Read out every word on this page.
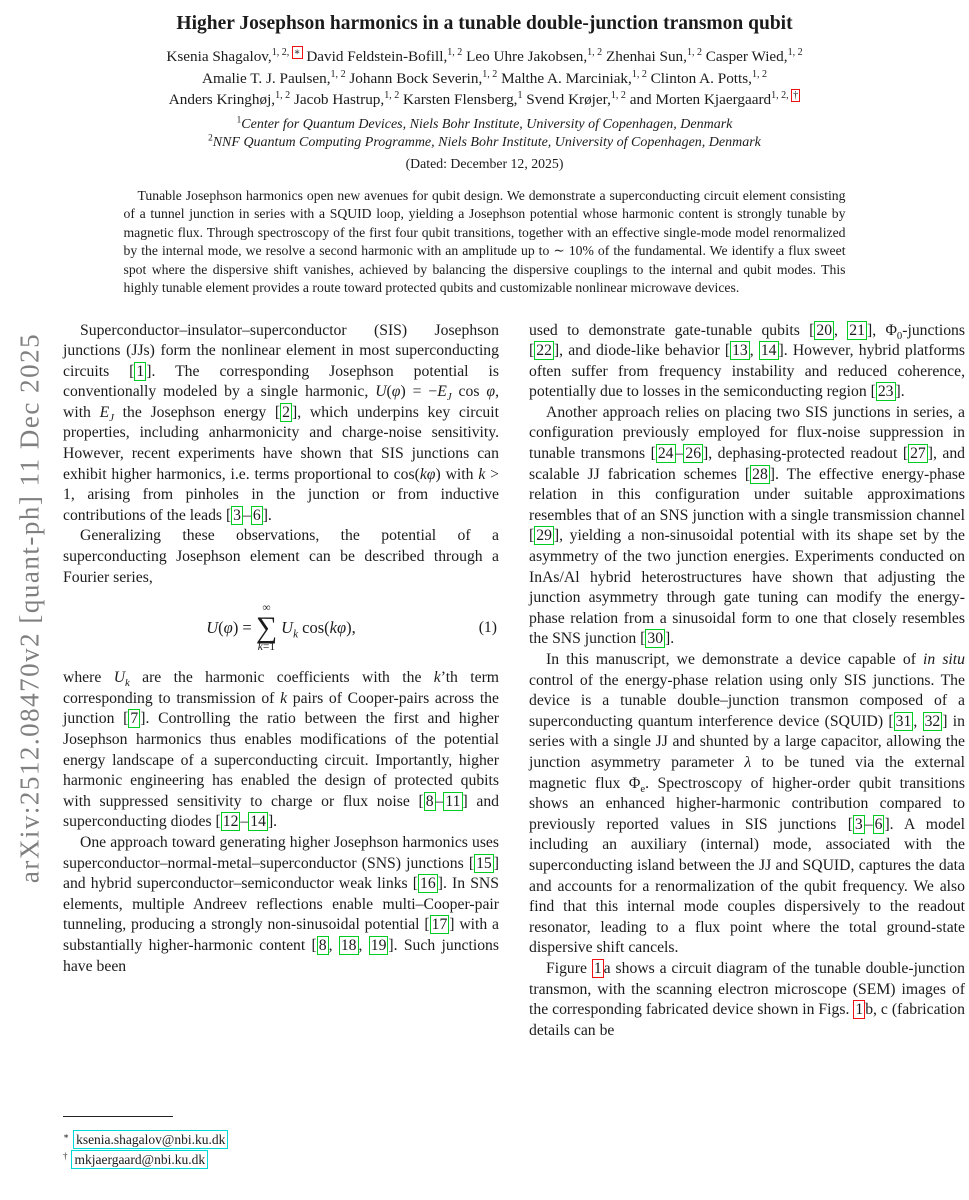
arXiv:2512.08470v2 [quant-ph] 11 Dec 2025
Higher Josephson harmonics in a tunable double-junction transmon qubit
Ksenia Shagalov,$^{1, 2,}$ ∗ David Feldstein-Bofill,$^{1, 2}$ Leo Uhre Jakobsen,$^{1, 2}$ Zhenhai Sun,$^{1, 2}$ Casper Wied,$^{1, 2}$
Amalie T. J. Paulsen,$^{1, 2}$ Johann Bock Severin,$^{1, 2}$ Malthe A. Marciniak,$^{1, 2}$ Clinton A. Potts,$^{1, 2}$
Anders Kringhøj,$^{1, 2}$ Jacob Hastrup,$^{1, 2}$ Karsten Flensberg,$^1$ Svend Krøjer,$^{1, 2}$ and Morten Kjaergaard$^{1, 2,}$ †
$^1$Center for Quantum Devices, Niels Bohr Institute, University of Copenhagen, Denmark
$^2$NNF Quantum Computing Programme, Niels Bohr Institute, University of Copenhagen, Denmark
(Dated: December 12, 2025)
Tunable Josephson harmonics open new avenues for qubit design. We demonstrate a superconducting circuit element consisting of a tunnel junction in series with a SQUID loop, yielding a Josephson potential whose harmonic content is strongly tunable by magnetic flux. Through spectroscopy of the first four qubit transitions, together with an effective single-mode model renormalized by the internal mode, we resolve a second harmonic with an amplitude up to ∼ 10% of the fundamental. We identify a flux sweet spot where the dispersive shift vanishes, achieved by balancing the dispersive couplings to the internal and qubit modes. This highly tunable element provides a route toward protected qubits and customizable nonlinear microwave devices.

Superconductor–insulator–superconductor (SIS) Josephson junctions (JJs) form the nonlinear element in most superconducting circuits [ 1 ]. The corresponding Josephson potential is conventionally modeled by a single harmonic, $U(\varphi) = -E_J$ cos φ, with $E_J$ the Josephson energy [ 2 ], which underpins key circuit properties, including anharmonicity and charge-noise sensitivity. However, recent experiments have shown that SIS junctions can exhibit higher harmonics, i.e. terms proportional to cos(kφ) with k > 1, arising from pinholes in the junction or from inductive contributions of the leads [ 3 – 6 ].

Generalizing these observations, the potential of a superconducting Josephson element can be described through a Fourier series,

U(φ) =
∞
∑
k=1
$U_k$ cos(kφ),	(1)

where $U_k$ are the harmonic coefficients with the k’th term corresponding to transmission of k pairs of Cooper-pairs across the junction [ 7 ]. Controlling the ratio between the first and higher Josephson harmonics thus enables modifications of the potential energy landscape of a superconducting circuit. Importantly, higher harmonic engineering has enabled the design of protected qubits with suppressed sensitivity to charge or flux noise [ 8 – 11 ] and superconducting diodes [ 12 – 14 ].

One approach toward generating higher Josephson harmonics uses superconductor–normal-metal–superconductor (SNS) junctions [ 15 ] and hybrid superconductor–semiconductor weak links [ 16 ]. In SNS elements, multiple Andreev reflections enable multi–Cooper-pair tunneling, producing a strongly non-sinusoidal potential [ 17 ] with a substantially higher-harmonic content [ 8 , 18 , 19 ]. Such junctions have been

used to demonstrate gate-tunable qubits [ 20 , 21 ], $\Phi_0$-junctions [ 22 ], and diode-like behavior [ 13 , 14 ]. However, hybrid platforms often suffer from frequency instability and reduced coherence, potentially due to losses in the semiconducting region [ 23 ].

Another approach relies on placing two SIS junctions in series, a configuration previously employed for flux-noise suppression in tunable transmons [ 24 – 26 ], dephasing-protected readout [ 27 ], and scalable JJ fabrication schemes [ 28 ]. The effective energy-phase relation in this configuration under suitable approximations resembles that of an SNS junction with a single transmission channel [ 29 ], yielding a non-sinusoidal potential with its shape set by the asymmetry of the two junction energies. Experiments conducted on InAs/Al hybrid heterostructures have shown that adjusting the junction asymmetry through gate tuning can modify the energy-phase relation from a sinusoidal form to one that closely resembles the SNS junction [ 30 ].

In this manuscript, we demonstrate a device capable of in situ control of the energy-phase relation using only SIS junctions. The device is a tunable double–junction transmon composed of a superconducting quantum interference device (SQUID) [ 31 , 32 ] in series with a single JJ and shunted by a large capacitor, allowing the junction asymmetry parameter λ to be tuned via the external magnetic flux $\Phi_e$. Spectroscopy of higher-order qubit transitions shows an enhanced higher-harmonic contribution compared to previously reported values in SIS junctions [ 3 – 6 ]. A model including an auxiliary (internal) mode, associated with the superconducting island between the JJ and SQUID, captures the data and accounts for a renormalization of the qubit frequency. We also find that this internal mode couples dispersively to the readout resonator, leading to a flux point where the total ground-state dispersive shift cancels.

Figure 1 a shows a circuit diagram of the tunable double-junction transmon, with the scanning electron microscope (SEM) images of the corresponding fabricated device shown in Figs. 1 b, c (fabrication details can be

∗ ksenia.shagalov@nbi.ku.dk
† mkjaergaard@nbi.ku.dk
